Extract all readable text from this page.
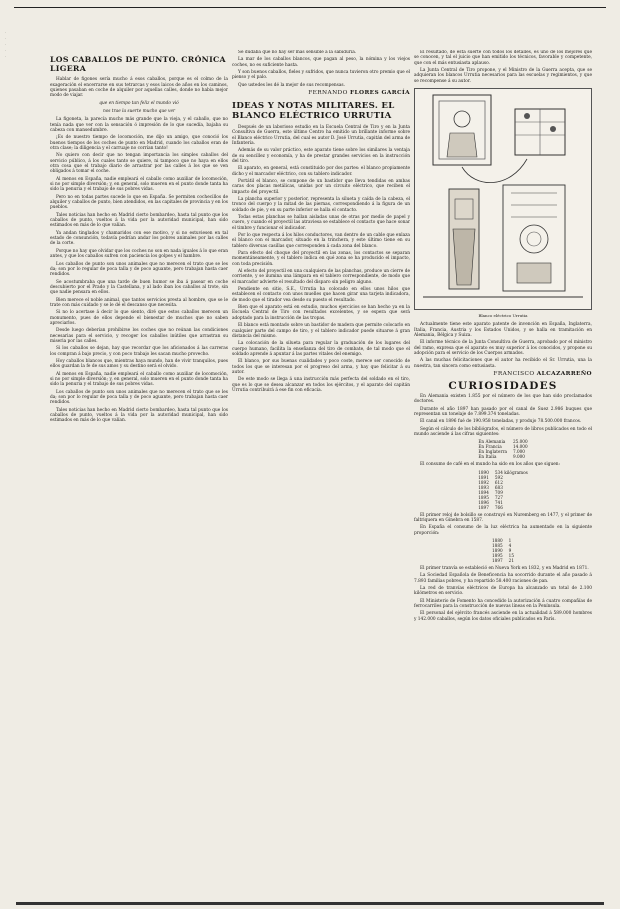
·
·
·
·
·	LOS CABALLOS DE PUNTO. CRÓNICA LIGERA

Hablar de figones sería mucho á esos caballos, porque es el colmo de la exageración el encerrarse en sus tetrarcas y esos laicos de años en los caminos, quienes pasaban en coche de alquiler por aquellas calles, donde no había mejor modo de viajar.

que en tiempo tan feliz el mundo vió
nos trae la suerte mucho que ver

La figoneta, la parecía mucho más grande que la vieja, y el caballo, que no tenía nada que ver con la sensación ó impresión de lo que sucedía, bajaba su cabeza con mansedumbre.

¡Es de nuestro tiempo de locomoción, me dijo un amigo, que conoció los buenos tiempos de los coches de punto en Madrid, cuando los caballos eran de otra clase; la diligencia y el carruaje no corrían tanto!

No quiero con decir que no tengan importancia los simples caballos del servicio público, á los cuales tanto se quiere, ni tampoco que no haya en ellos otra cosa que el trabajo diario de arrastrar por las calles á los que se ven obligados á tomar el coche.

Al menos en España, nadie empleará el caballo como auxiliar de locomoción, si no por simple diversión; y, en general, solo mueren en el punto donde tanta ha sido la penuria y el trabajo de sus pobres vidas.

Pero no en todas partes sucede lo que en España. Se permiten cochecillos de alquiler y caballos de punto, bien atendidos, en las capitales de provincia y en los pueblos.

Tales noticias han hecho en Madrid cierto bombardeo, hasta tal punto que los caballos de punto, vueltos á la vida por la autoridad municipal, han sido estimados en más de lo que valían.

Ya andan tinglados y chamaridos con ese motivo, y si no estuviesen en tal estado de consunción, todavía podrían andar los pobres animales por las calles de la corte.

Porque no hay que olvidar que los coches no son en nada iguales á lo que eran antes, y que los caballos sufren con paciencia los golpes y el hambre.

Los caballos de punto son unos animales que no merecen el trato que se les da; son por lo regular de poca talla y de poco aguante, pero trabajan hasta caer rendidos.

Se acostumbraba que una tarde de buen humor se iba á pasear en coche descubierto por el Prado y la Castellana, y al lado iban los caballos al trote, sin que nadie pensara en ellos.

Bien merece el noble animal, que tantos servicios presta al hombre, que se le trate con más cuidado y se le dé el descanso que necesita.

Si no lo acertase á decir lo que siento, diré que estos caballos merecen un monumento, pues de ellos depende el bienestar de muchos que no saben apreciarlos.

Desde luego deberían prohibirse los coches que no reúnan las condiciones necesarias para el servicio, y recoger los caballos inútiles que arrastran su miseria por las calles.

Si los caballos se dejan, hay que recordar que los aficionados á las carreras los compran á bajo precio, y con poco trabajo les sacan mucho provecho.

Hoy caballos blancos que, mientras haya mundo, han de vivir tranquilos, pues ellos guardan la fe de sus amos y su destino será el olvido.

Al menos en España, nadie empleará el caballo como auxiliar de locomoción, si no por simple diversión; y, en general, solo mueren en el punto donde tanta ha sido la penuria y el trabajo de sus pobres vidas.

Los caballos de punto son unos animales que no merecen el trato que se les da; son por lo regular de poca talla y de poco aguante, pero trabajan hasta caer rendidos.

Tales noticias han hecho en Madrid cierto bombardeo, hasta tal punto que los caballos de punto, vueltos á la vida por la autoridad municipal, han sido estimados en más de lo que valían.

Se dudaba que no hay ser más sensible á la sabiduría.

La mar de los caballos blancos, que pagan al peso, la nómina y los viejos coches, no es suficiente hasta.

Y son buenos caballos, fieles y sufridos, que nunca tuvieron otro premio que el pienso y el palo.

Que ustedes les dé la mejor de sus recompensas.

FERNANDO FLORES GARCÍA
IDEAS Y NOTAS MILITARES. EL BLANCO ELÉCTRICO URRUTIA

Después de un laborioso estudio en la Escuela Central de Tiro y en la Junta Consultiva de Guerra, este último Centro ha emitido un brillante informe sobre el Blanco eléctrico Urrutia, del cual es autor D. José Urrutia, capitán del arma de Infantería.

Además de su valor práctico, este aparato tiene sobre los similares la ventaja de su sencillez y economía, y ha de prestar grandes servicios en la instrucción del tiro.

El aparato, en general, está constituido por dos partes: el blanco propiamente dicho y el marcador eléctrico, con su tablero indicador.

Portátil el blanco, se compone de un bastidor que lleva tendidas en ambas caras dos placas metálicas, unidas por un circuito eléctrico, que reciben el impacto del proyectil.

La plancha superior y posterior, representa la silueta y caída de la cabeza, el tronco del cuerpo y la mitad de las piernas, correspondiendo á la figura de un soldado de pie, y en su parte inferior se halla el contacto.

Todas estas planchas se hallan aisladas unas de otras por medio de papel y cuero, y cuando el proyectil las atraviesa se establece el contacto que hace sonar el timbre y funcionar el indicador.

Por lo que respecta á los hilos conductores, van dentro de un cable que enlaza el blanco con el marcador, situado en la trinchera, y este último tiene en su tablero diversas casillas que corresponden á cada zona del blanco.

Para efecto del choque del proyectil en las zonas, los contactos se separan momentáneamente, y el tablero indica en qué zona se ha producido el impacto, con toda precisión.

Al efecto del proyectil en una cualquiera de las planchas, produce un cierre de corriente, y se ilumina una lámpara en el tablero correspondiente, de modo que el marcador advierte el resultado del disparo sin peligro alguno.

Pendiente en sitio, S.E., Urrutia ha colocado en ellos unos hilos que establecen el contacto con unos muelles que hacen girar una tarjeta indicadora, de modo que el tirador vea desde su puesto el resultado.

Bien que el aparato está en estudio, muchos ejercicios se han hecho ya en la Escuela Central de Tiro con resultados excelentes, y se espera que será adoptado para la instrucción de las tropas.

El blanco está montado sobre un bastidor de madera que permite colocarlo en cualquier parte del campo de tiro, y el tablero indicador puede situarse á gran distancia del mismo.

La colocación de la silueta para regular la graduación de los lugares del cuerpo humano, facilita la enseñanza del tiro de combate, de tal modo que el soldado aprende á apuntar á las partes vitales del enemigo.

El blanco, por sus buenas cualidades y poco coste, merece ser conocido de todos los que se interesan por el progreso del arma, y hay que felicitar á su autor.

De este modo se llega á una instrucción más perfecta del soldado en el tiro, que es lo que se desea alcanzar en todos los ejércitos, y el aparato del capitán Urrutia contribuirá á ese fin con eficacia.

El resultado, de esta suerte con todos los detalles, es uno de los mejores que se conocen, y tal el juicio que han emitido los técnicos, favorable y competente, que con el más entusiasta aplauso.

La Junta Central de Tiro propone, y el Ministro de la Guerra acepta, que se adquieran los blancos Urrutia necesarios para las escuelas y regimientos, y que se recompense á su autor.

Blanco eléctrico Urrutia

Actualmente tiene este aparato patente de invención en España, Inglaterra, Italia, Francia, Austria y los Estados Unidos, y se halla en tramitación en Alemania, Bélgica y Suiza.

El informe técnico de la Junta Consultiva de Guerra, aprobado por el ministro del ramo, expresa que el aparato es muy superior á los conocidos, y propone su adopción para el servicio de los Cuerpos armados.

A las muchas felicitaciones que el autor ha recibido el Sr. Urrutia, una la nuestra, tan sincera como entusiasta.

FRANCISCO ALCAZARREÑO
CURIOSIDADES

En Alemania existen 1.855 por el número de los que han sido proclamados doctores.

Durante el año 1897 han pasado por el canal de Suez 2.986 buques que representan un tonelaje de 7.899.374 toneladas.

El canal en 1896 fué de 190.958 toneladas, y produjo 78.500.000 francos.

Según el cálculo de los bibliógrafos, el número de libros publicados en todo el mundo asciende á las cifras siguientes:

En Alemania	25.000
En Francia	14.000
En Inglaterra	7.000
En Italia	9.000

El consumo de café en el mundo ha sido en los años que siguen:

1890	534 kilógramos
1891	592
1892	612
1893	683
1894	709
1895	727
1896	741
1897	766

El primer reloj de bolsillo se construyó en Nuremberg en 1477, y el primer de faltriquera en Ginebra en 1587.

En España el consumo de la luz eléctrica ha aumentado en la siguiente proporción:

1880	1
1885	4
1890	9
1895	15
1897	21

El primer tranvía se estableció en Nueva York en 1832, y en Madrid en 1871.

La Sociedad Española de Beneficencia ha socorrido durante el año pasado á 7.893 familias pobres, y ha repartido 58.400 raciones de pan.

La red de tranvías eléctricos de Europa ha alcanzado un total de 2.100 kilómetros en servicio.

El Ministerio de Fomento ha concedido la autorización á cuatro compañías de ferrocarriles para la construcción de nuevas líneas en la Península.

El personal del ejército francés asciende en la actualidad á 589.000 hombres y 142.000 caballos, según los datos oficiales publicados en París.
